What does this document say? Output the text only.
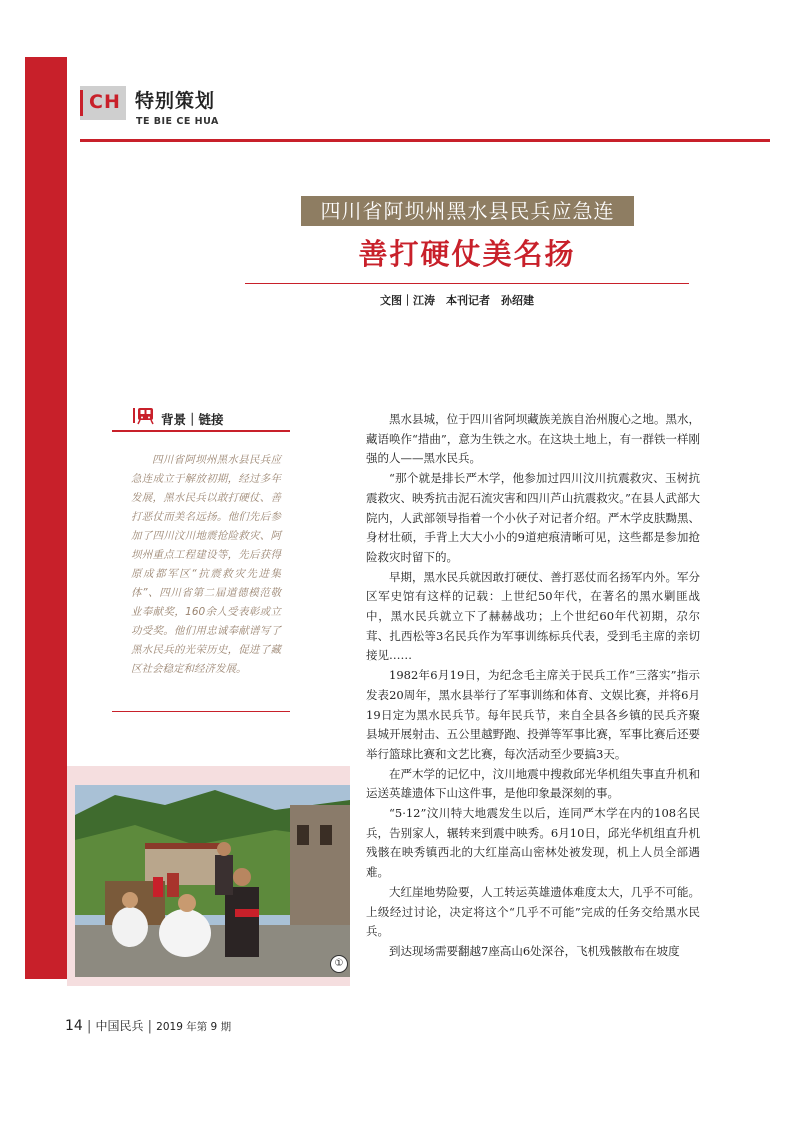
CH 特别策划
TE BIE CE HUA
四川省阿坝州黑水县民兵应急连
善打硬仗美名扬
文图｜江涛　本刊记者　孙绍建
背景｜链接
四川省阿坝州黑水县民兵应急连成立于解放初期，经过多年发展，黑水民兵以敢打硬仗、善打恶仗而美名远扬。他们先后参加了四川汶川地震抢险救灾、阿坝州重点工程建设等，先后获得原成都军区“抗震救灾先进集体”、四川省第二届道德模范敬业奉献奖，160余人受表彰或立功受奖。他们用忠诚奉献谱写了黑水民兵的光荣历史，促进了藏区社会稳定和经济发展。
①

黑水县城，位于四川省阿坝藏族羌族自治州腹心之地。黑水，藏语唤作“措曲”，意为生铁之水。在这块土地上，有一群铁一样刚强的人——黑水民兵。

“那个就是排长严木学，他参加过四川汶川抗震救灾、玉树抗震救灾、映秀抗击泥石流灾害和四川芦山抗震救灾。”在县人武部大院内，人武部领导指着一个小伙子对记者介绍。严木学皮肤黝黑、身材壮硕，手背上大大小小的9道疤痕清晰可见，这些都是参加抢险救灾时留下的。

早期，黑水民兵就因敢打硬仗、善打恶仗而名扬军内外。军分区军史馆有这样的记载：上世纪50年代，在著名的黑水剿匪战中，黑水民兵就立下了赫赫战功；上个世纪60年代初期，尕尔茸、扎西松等3名民兵作为军事训练标兵代表，受到毛主席的亲切接见……

1982年6月19日，为纪念毛主席关于民兵工作“三落实”指示发表20周年，黑水县举行了军事训练和体育、文娱比赛，并将6月19日定为黑水民兵节。每年民兵节，来自全县各乡镇的民兵齐聚县城开展射击、五公里越野跑、投弹等军事比赛，军事比赛后还要举行篮球比赛和文艺比赛，每次活动至少要搞3天。

在严木学的记忆中，汶川地震中搜救邱光华机组失事直升机和运送英雄遗体下山这件事，是他印象最深刻的事。

“5·12”汶川特大地震发生以后，连同严木学在内的108名民兵，告别家人，辗转来到震中映秀。6月10日，邱光华机组直升机残骸在映秀镇西北的大红崖高山密林处被发现，机上人员全部遇难。

大红崖地势险要，人工转运英雄遗体难度太大，几乎不可能。上级经过讨论，决定将这个“几乎不可能”完成的任务交给黑水民兵。

到达现场需要翻越7座高山6处深谷，飞机残骸散布在坡度

14 | 中国民兵 | 2019 年第 9 期
